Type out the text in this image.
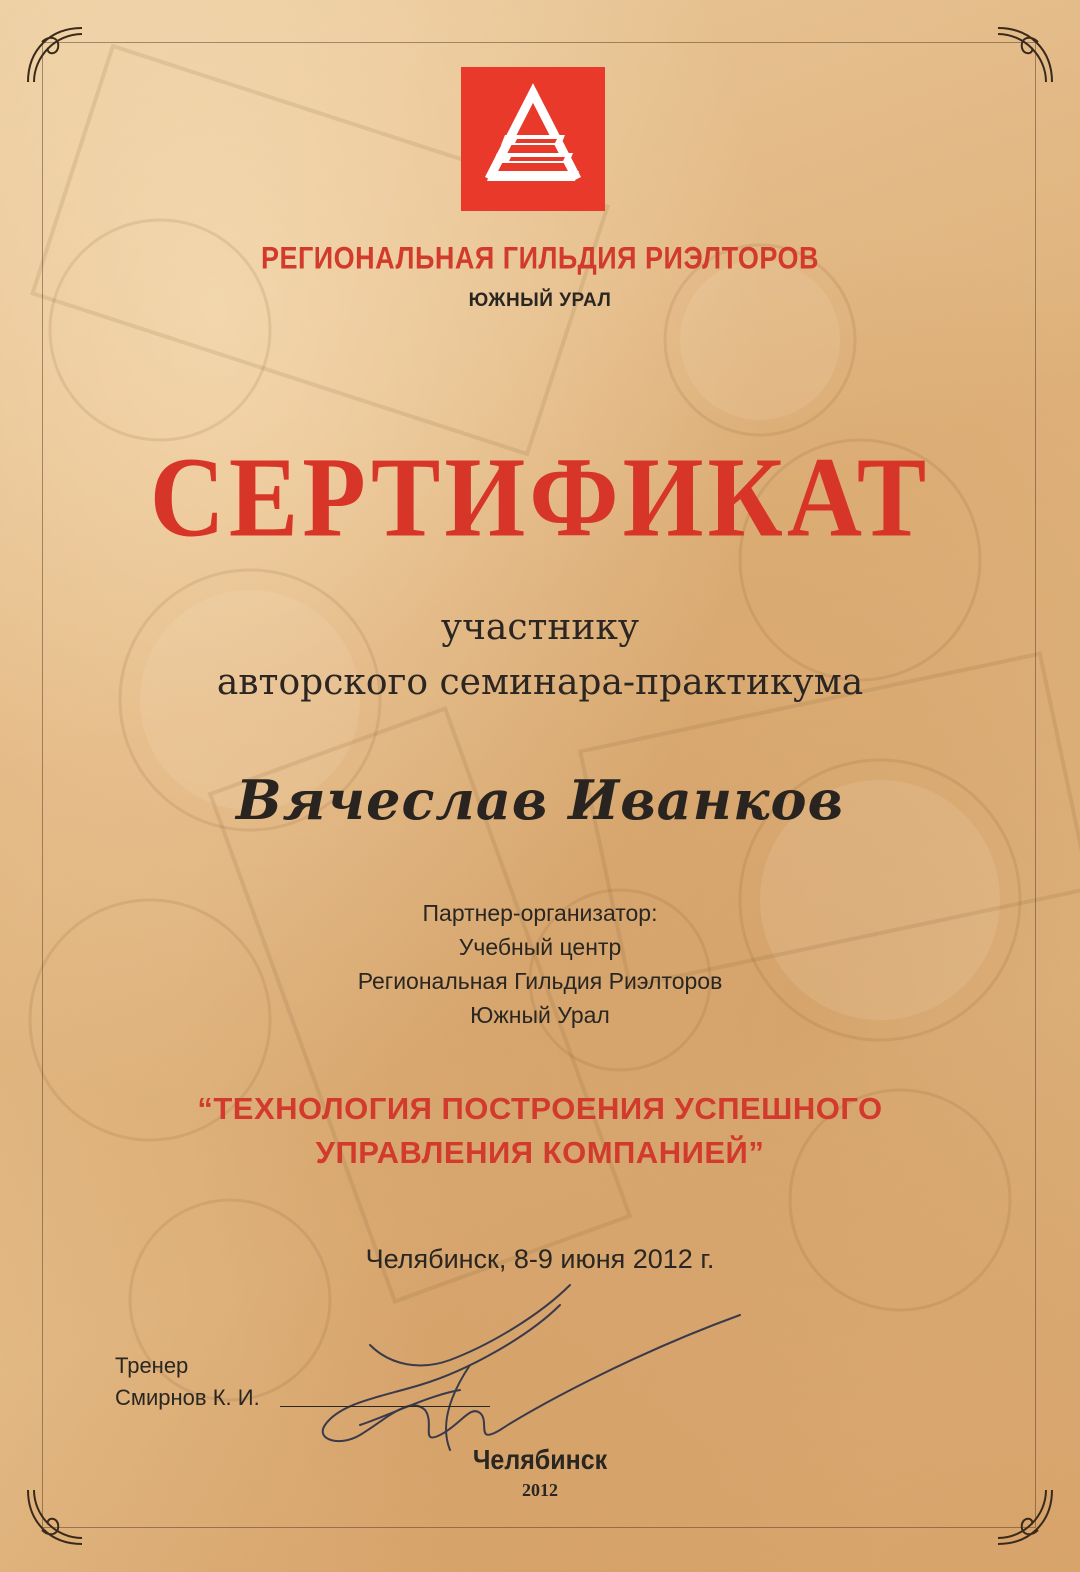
РЕГИОНАЛЬНАЯ ГИЛЬДИЯ РИЭЛТОРОВ
ЮЖНЫЙ УРАЛ
СЕРТИФИКАТ
участнику
авторского семинара-практикума
Вячеслав Иванков
Партнер-организатор:
Учебный центр
Региональная Гильдия Риэлторов
Южный Урал
“ТЕХНОЛОГИЯ ПОСТРОЕНИЯ УСПЕШНОГО
УПРАВЛЕНИЯ КОМПАНИЕЙ”
Челябинск, 8-9 июня 2012 г.
Тренер
Смирнов К. И.
Челябинск
2012
